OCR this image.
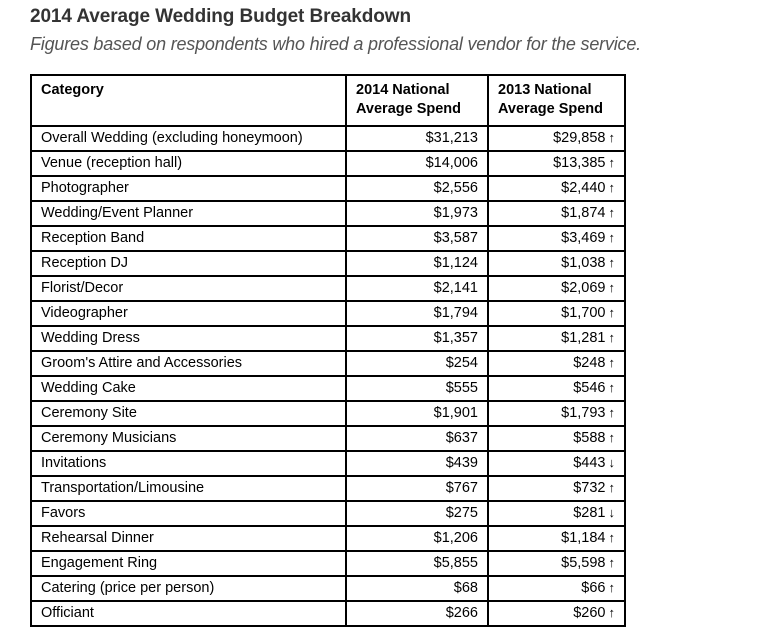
2014 Average Wedding Budget Breakdown
Figures based on respondents who hired a professional vendor for the service.
Category	2014 National Average Spend	2013 National Average Spend
Overall Wedding (excluding honeymoon)	$31,213	$29,858 ↑
Venue (reception hall)	$14,006	$13,385 ↑
Photographer	$2,556	$2,440 ↑
Wedding/Event Planner	$1,973	$1,874 ↑
Reception Band	$3,587	$3,469 ↑
Reception DJ	$1,124	$1,038 ↑
Florist/Decor	$2,141	$2,069 ↑
Videographer	$1,794	$1,700 ↑
Wedding Dress	$1,357	$1,281 ↑
Groom's Attire and Accessories	$254	$248 ↑
Wedding Cake	$555	$546 ↑
Ceremony Site	$1,901	$1,793 ↑
Ceremony Musicians	$637	$588 ↑
Invitations	$439	$443 ↓
Transportation/Limousine	$767	$732 ↑
Favors	$275	$281 ↓
Rehearsal Dinner	$1,206	$1,184 ↑
Engagement Ring	$5,855	$5,598 ↑
Catering (price per person)	$68	$66 ↑
Officiant	$266	$260 ↑
